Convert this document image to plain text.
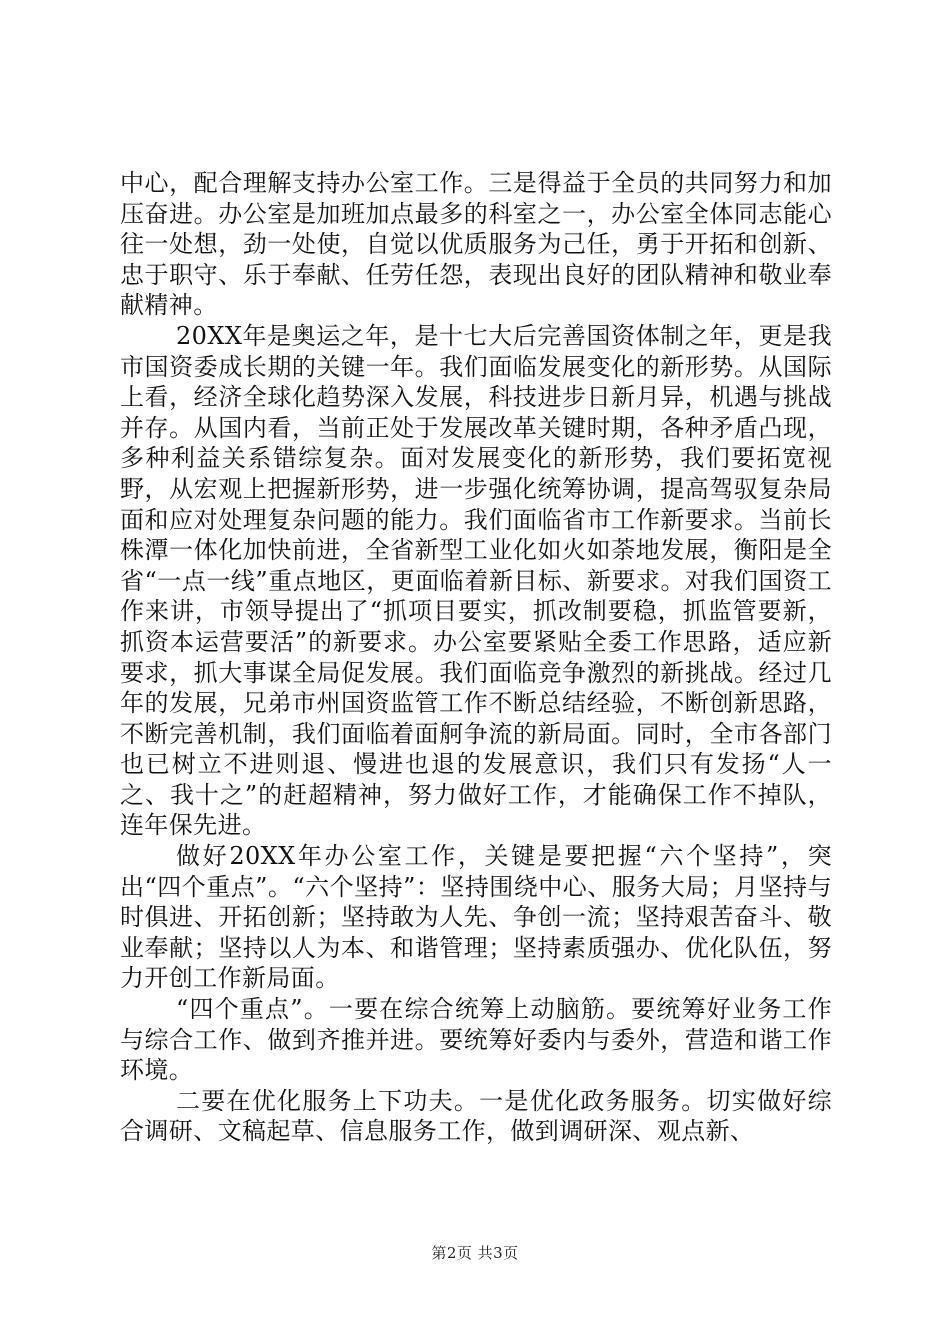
中心，配合理解支持办公室工作。三是得益于全员的共同努力和加压奋进。办公室是加班加点最多的科室之一，办公室全体同志能心往一处想，劲一处使，自觉以优质服务为己任，勇于开拓和创新、忠于职守、乐于奉献、任劳任怨，表现出良好的团队精神和敬业奉献精神。

20XX年是奥运之年，是十七大后完善国资体制之年，更是我市国资委成长期的关键一年。我们面临发展变化的新形势。从国际上看，经济全球化趋势深入发展，科技进步日新月异，机遇与挑战并存。从国内看，当前正处于发展改革关键时期，各种矛盾凸现，多种利益关系错综复杂。面对发展变化的新形势，我们要拓宽视野，从宏观上把握新形势，进一步强化统筹协调，提高驾驭复杂局面和应对处理复杂问题的能力。我们面临省市工作新要求。当前长株潭一体化加快前进，全省新型工业化如火如荼地发展，衡阳是全省“一点一线”重点地区，更面临着新目标、新要求。对我们国资工作来讲，市领导提出了“抓项目要实，抓改制要稳，抓监管要新，抓资本运营要活”的新要求。办公室要紧贴全委工作思路，适应新要求，抓大事谋全局促发展。我们面临竞争激烈的新挑战。经过几年的发展，兄弟市州国资监管工作不断总结经验，不断创新思路，不断完善机制，我们面临着面舸争流的新局面。同时，全市各部门也已树立不进则退、慢进也退的发展意识，我们只有发扬“人一之、我十之”的赶超精神，努力做好工作，才能确保工作不掉队，连年保先进。

做好20XX年办公室工作，关键是要把握“六个坚持”，突出“四个重点”。“六个坚持”：坚持围绕中心、服务大局；月坚持与时俱进、开拓创新；坚持敢为人先、争创一流；坚持艰苦奋斗、敬业奉献；坚持以人为本、和谐管理；坚持素质强办、优化队伍，努力开创工作新局面。

“四个重点”。一要在综合统筹上动脑筋。要统筹好业务工作与综合工作、做到齐推并进。要统筹好委内与委外，营造和谐工作环境。

二要在优化服务上下功夫。一是优化政务服务。切实做好综合调研、文稿起草、信息服务工作，做到调研深、观点新、

第2页 共3页
